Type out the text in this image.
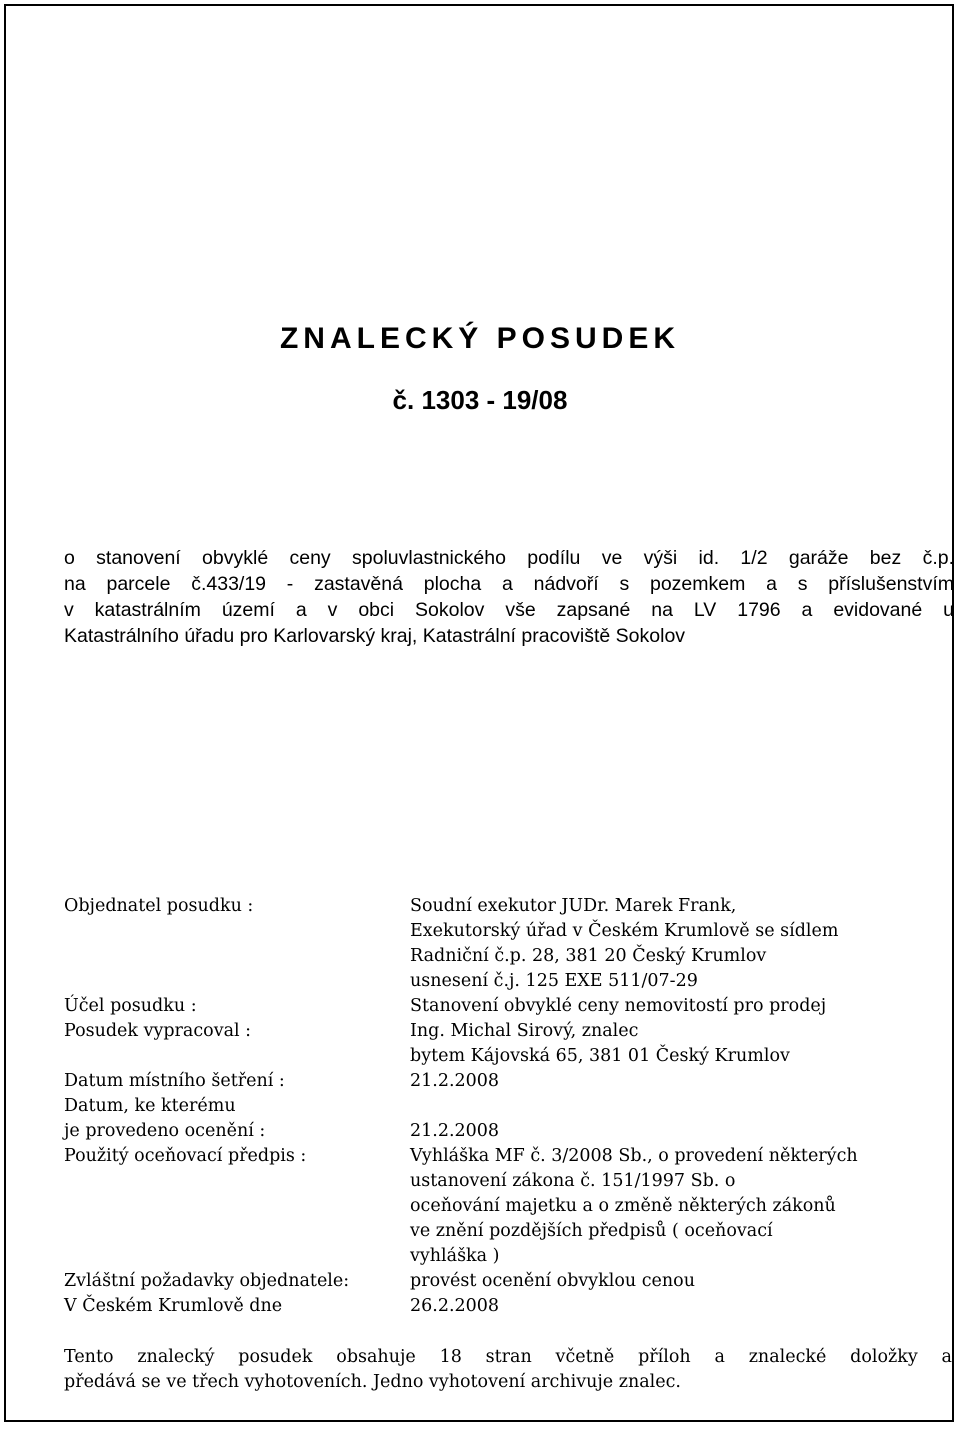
ZNALECKÝ POSUDEK
č. 1303 - 19/08
o stanovení obvyklé ceny spoluvlastnického podílu ve výši id. 1/2 garáže bez č.p.
na parcele č.433/19 - zastavěná plocha a nádvoří s pozemkem a s příslušenstvím
v katastrálním území a v obci Sokolov vše zapsané na LV 1796 a evidované u
Katastrálního úřadu pro Karlovarský kraj, Katastrální pracoviště Sokolov
Objednatel posudku :	Soudní exekutor JUDr. Marek Frank,
Exekutorský úřad v Českém Krumlově se sídlem
Radniční č.p. 28, 381 20 Český Krumlov
usnesení č.j. 125 EXE 511/07-29
Účel posudku :	Stanovení obvyklé ceny nemovitostí pro prodej
Posudek vypracoval :	Ing. Michal Sirový, znalec
bytem Kájovská 65, 381 01 Český Krumlov
Datum místního šetření :	21.2.2008
Datum, ke kterému
je provedeno ocenění :	21.2.2008
Použitý oceňovací předpis :	Vyhláška MF č. 3/2008 Sb., o provedení některých
ustanovení zákona č. 151/1997 Sb. o
oceňování majetku a o změně některých zákonů
ve znění pozdějších předpisů ( oceňovací
vyhláška )
Zvláštní požadavky objednatele:	provést ocenění obvyklou cenou
V Českém Krumlově dne	26.2.2008
Tento znalecký posudek obsahuje 18 stran včetně příloh a znalecké doložky a
předává se ve třech vyhotoveních. Jedno vyhotovení archivuje znalec.
